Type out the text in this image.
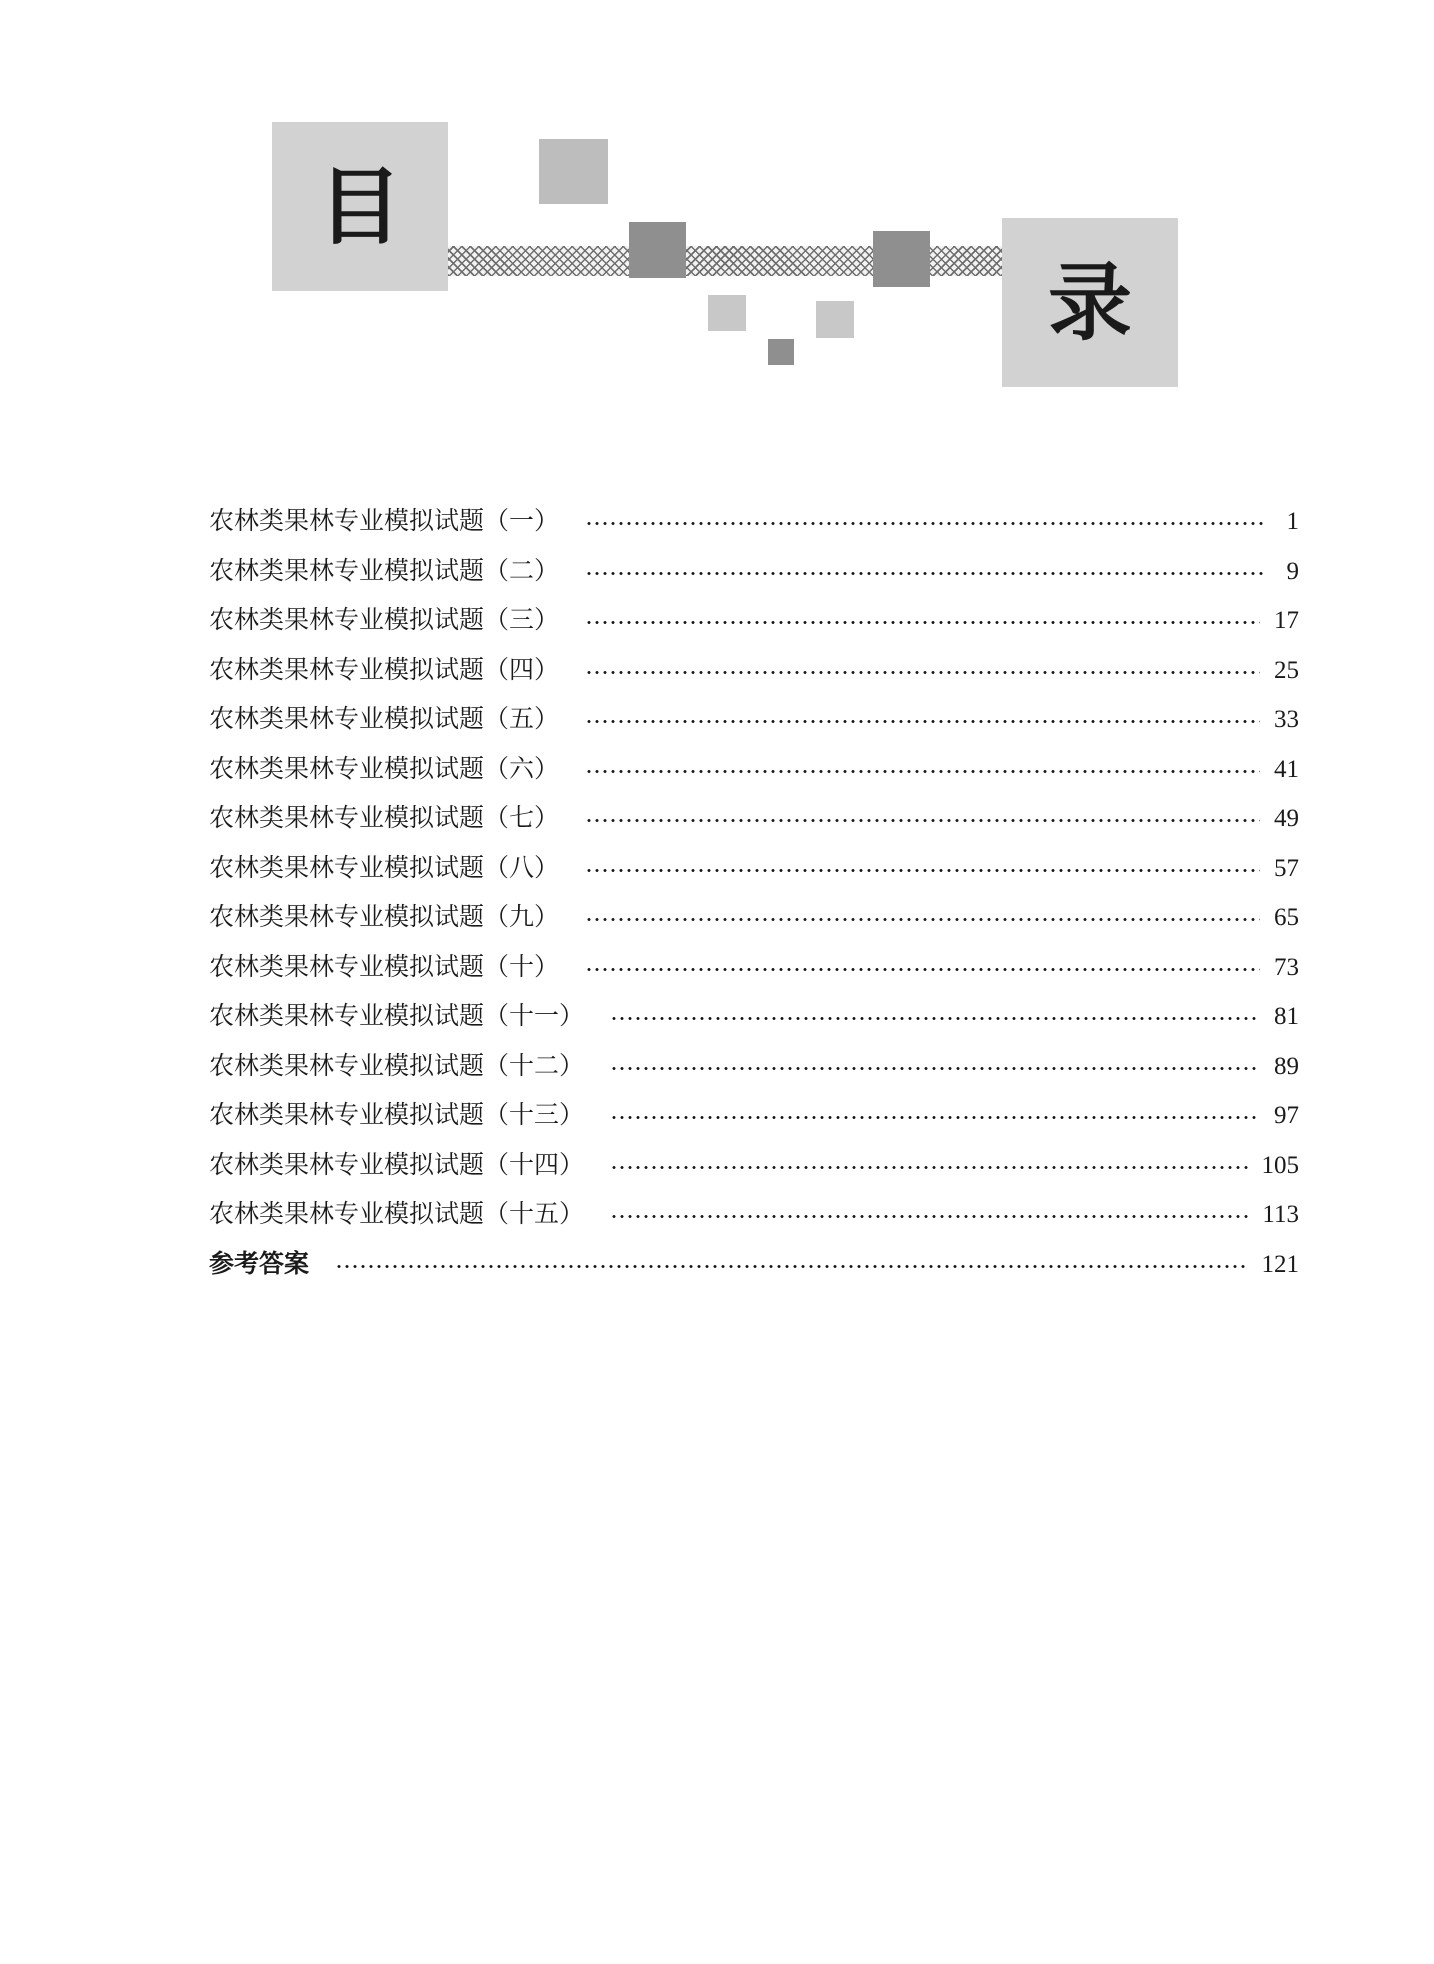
目
录
农林类果林专业模拟试题（一）	1
农林类果林专业模拟试题（二）	9
农林类果林专业模拟试题（三）	17
农林类果林专业模拟试题（四）	25
农林类果林专业模拟试题（五）	33
农林类果林专业模拟试题（六）	41
农林类果林专业模拟试题（七）	49
农林类果林专业模拟试题（八）	57
农林类果林专业模拟试题（九）	65
农林类果林专业模拟试题（十）	73
农林类果林专业模拟试题（十一）	81
农林类果林专业模拟试题（十二）	89
农林类果林专业模拟试题（十三）	97
农林类果林专业模拟试题（十四）	105
农林类果林专业模拟试题（十五）	113
参考答案	121
